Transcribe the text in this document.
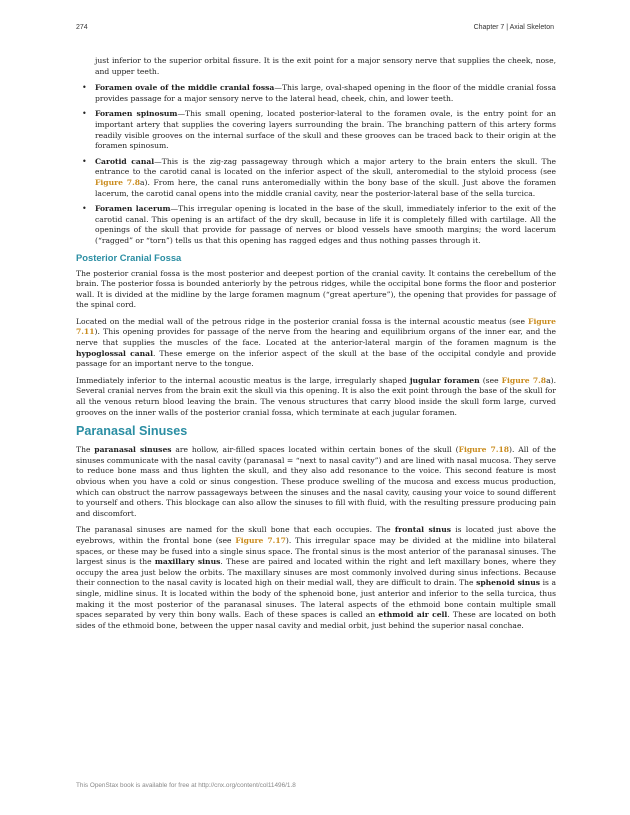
274	Chapter 7 | Axial Skeleton

just inferior to the superior orbital fissure. It is the exit point for a major sensory nerve that supplies the cheek, nose, and upper teeth.

• Foramen ovale of the middle cranial fossa—This large, oval-shaped opening in the floor of the middle cranial fossa provides passage for a major sensory nerve to the lateral head, cheek, chin, and lower teeth.
• Foramen spinosum—This small opening, located posterior-lateral to the foramen ovale, is the entry point for an important artery that supplies the covering layers surrounding the brain. The branching pattern of this artery forms readily visible grooves on the internal surface of the skull and these grooves can be traced back to their origin at the foramen spinosum.
• Carotid canal—This is the zig-zag passageway through which a major artery to the brain enters the skull. The entrance to the carotid canal is located on the inferior aspect of the skull, anteromedial to the styloid process (see Figure 7.8a). From here, the canal runs anteromedially within the bony base of the skull. Just above the foramen lacerum, the carotid canal opens into the middle cranial cavity, near the posterior-lateral base of the sella turcica.
• Foramen lacerum—This irregular opening is located in the base of the skull, immediately inferior to the exit of the carotid canal. This opening is an artifact of the dry skull, because in life it is completely filled with cartilage. All the openings of the skull that provide for passage of nerves or blood vessels have smooth margins; the word lacerum (“ragged” or “torn”) tells us that this opening has ragged edges and thus nothing passes through it.
Posterior Cranial Fossa

The posterior cranial fossa is the most posterior and deepest portion of the cranial cavity. It contains the cerebellum of the brain. The posterior fossa is bounded anteriorly by the petrous ridges, while the occipital bone forms the floor and posterior wall. It is divided at the midline by the large foramen magnum (“great aperture”), the opening that provides for passage of the spinal cord.

Located on the medial wall of the petrous ridge in the posterior cranial fossa is the internal acoustic meatus (see Figure 7.11). This opening provides for passage of the nerve from the hearing and equilibrium organs of the inner ear, and the nerve that supplies the muscles of the face. Located at the anterior-lateral margin of the foramen magnum is the hypoglossal canal. These emerge on the inferior aspect of the skull at the base of the occipital condyle and provide passage for an important nerve to the tongue.

Immediately inferior to the internal acoustic meatus is the large, irregularly shaped jugular foramen (see Figure 7.8a). Several cranial nerves from the brain exit the skull via this opening. It is also the exit point through the base of the skull for all the venous return blood leaving the brain. The venous structures that carry blood inside the skull form large, curved grooves on the inner walls of the posterior cranial fossa, which terminate at each jugular foramen.

Paranasal Sinuses

The paranasal sinuses are hollow, air-filled spaces located within certain bones of the skull (Figure 7.18). All of the sinuses communicate with the nasal cavity (paranasal = “next to nasal cavity”) and are lined with nasal mucosa. They serve to reduce bone mass and thus lighten the skull, and they also add resonance to the voice. This second feature is most obvious when you have a cold or sinus congestion. These produce swelling of the mucosa and excess mucus production, which can obstruct the narrow passageways between the sinuses and the nasal cavity, causing your voice to sound different to yourself and others. This blockage can also allow the sinuses to fill with fluid, with the resulting pressure producing pain and discomfort.

The paranasal sinuses are named for the skull bone that each occupies. The frontal sinus is located just above the eyebrows, within the frontal bone (see Figure 7.17). This irregular space may be divided at the midline into bilateral spaces, or these may be fused into a single sinus space. The frontal sinus is the most anterior of the paranasal sinuses. The largest sinus is the maxillary sinus. These are paired and located within the right and left maxillary bones, where they occupy the area just below the orbits. The maxillary sinuses are most commonly involved during sinus infections. Because their connection to the nasal cavity is located high on their medial wall, they are difficult to drain. The sphenoid sinus is a single, midline sinus. It is located within the body of the sphenoid bone, just anterior and inferior to the sella turcica, thus making it the most posterior of the paranasal sinuses. The lateral aspects of the ethmoid bone contain multiple small spaces separated by very thin bony walls. Each of these spaces is called an ethmoid air cell. These are located on both sides of the ethmoid bone, between the upper nasal cavity and medial orbit, just behind the superior nasal conchae.

This OpenStax book is available for free at http://cnx.org/content/col11496/1.8
